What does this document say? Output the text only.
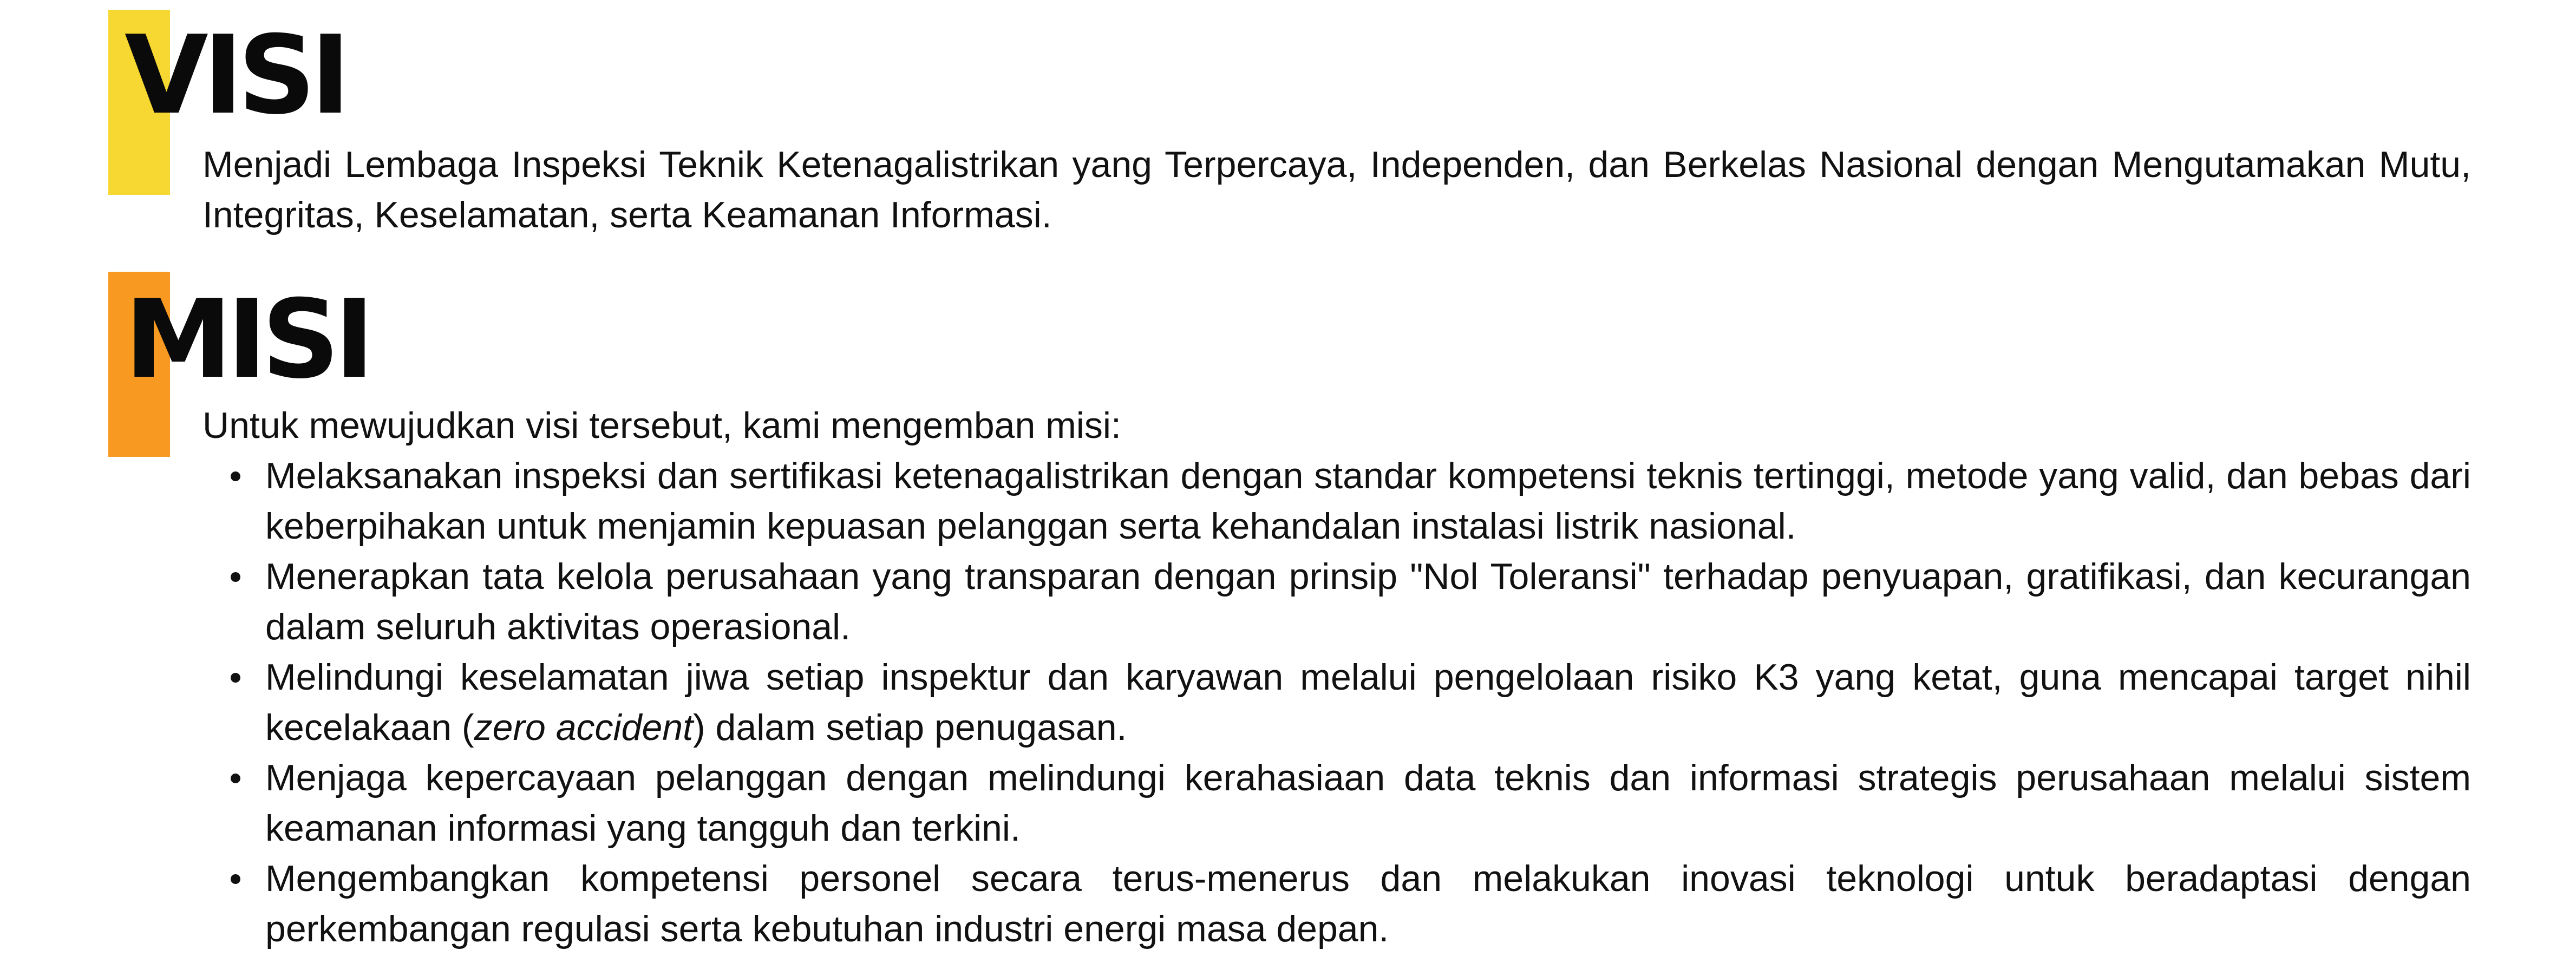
VISI

Menjadi Lembaga Inspeksi Teknik Ketenagalistrikan yang Terpercaya, Independen, dan Berkelas Nasional dengan Mengutamakan Mutu, Integritas, Keselamatan, serta Keamanan Informasi.

MISI

Untuk mewujudkan visi tersebut, kami mengemban misi:

Melaksanakan inspeksi dan sertifikasi ketenagalistrikan dengan standar kompetensi teknis tertinggi, metode yang valid, dan bebas dari keberpihakan untuk menjamin kepuasan pelanggan serta kehandalan instalasi listrik nasional.
Menerapkan tata kelola perusahaan yang transparan dengan prinsip "Nol Toleransi" terhadap penyuapan, gratifikasi, dan kecurangan dalam seluruh aktivitas operasional.
Melindungi keselamatan jiwa setiap inspektur dan karyawan melalui pengelolaan risiko K3 yang ketat, guna mencapai target nihil kecelakaan (zero accident) dalam setiap penugasan.
Menjaga kepercayaan pelanggan dengan melindungi kerahasiaan data teknis dan informasi strategis perusahaan melalui sistem keamanan informasi yang tangguh dan terkini.
Mengembangkan kompetensi personel secara terus-menerus dan melakukan inovasi teknologi untuk beradaptasi dengan perkembangan regulasi serta kebutuhan industri energi masa depan.
